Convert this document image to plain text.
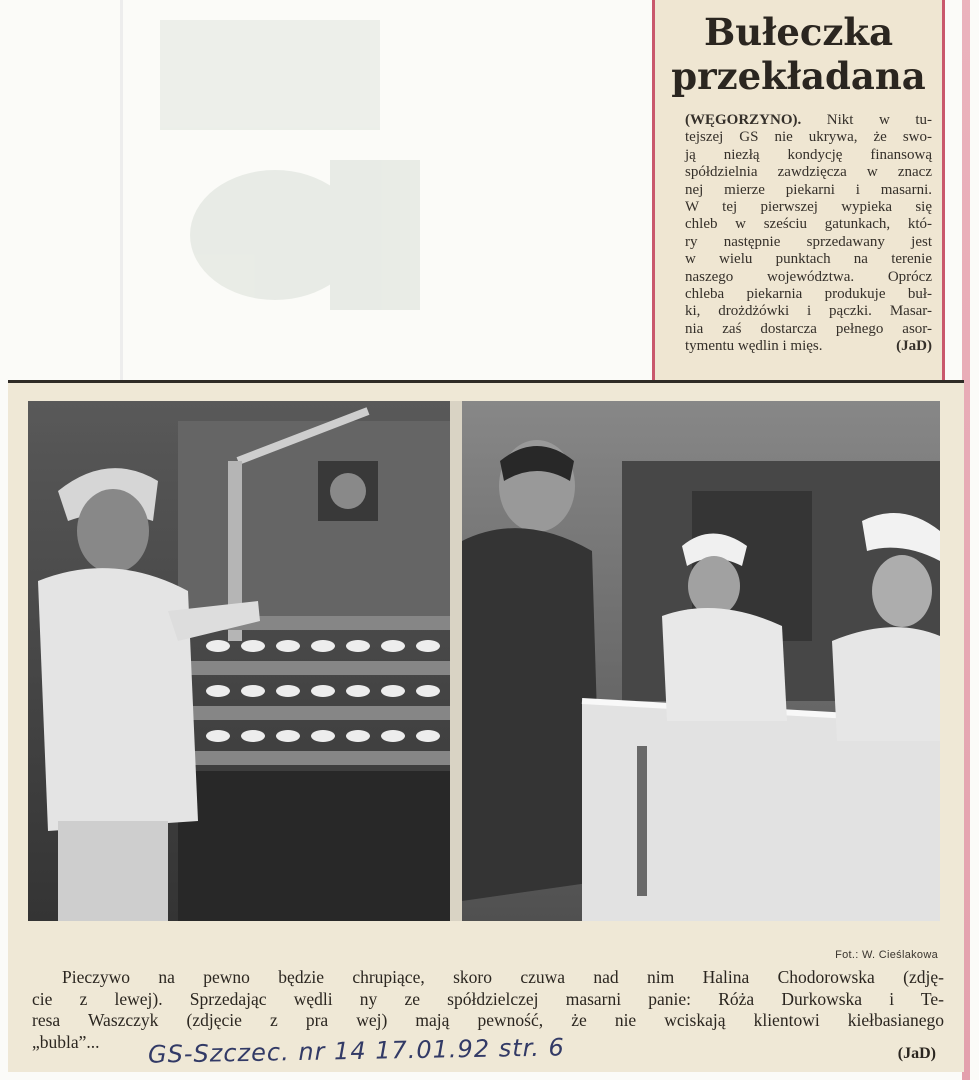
Bułeczka
przekładana
(WĘGORZYNO). Nikt w tu-
tejszej GS nie ukrywa, że swo-
ją niezłą kondycję finansową
spółdzielnia zawdzięcza w znacz
nej mierze piekarni i masarni.
W tej pierwszej wypieka się
chleb w sześciu gatunkach, któ-
ry następnie sprzedawany jest
w wielu punktach na terenie
naszego województwa. Oprócz
chleba piekarnia produkuje buł-
ki, drożdżówki i pączki. Masar-
nia zaś dostarcza pełnego asor-
tymentu wędlin i mięs.	(JaD)
Fot.: W. Cieślakowa
Pieczywo na pewno będzie chrupiące, skoro czuwa nad nim Halina Chodorowska (zdję-
cie z lewej). Sprzedając wędli ny ze spółdzielczej masarni panie: Róża Durkowska i Te-
resa Waszczyk (zdjęcie z pra wej) mają pewność, że nie wciskają klientowi kiełbasianego
„bubla”...	GS-Szczec. nr 14 17.01.92 str. 6	(JaD)
